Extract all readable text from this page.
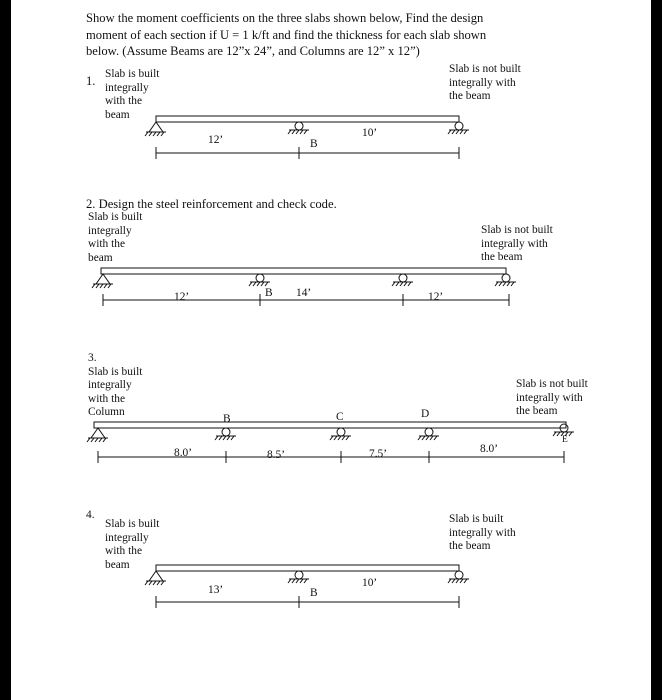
Show the moment coefficients on the three slabs shown below, Find the design
moment of each section if U = 1 k/ft and find the thickness for each slab shown
below. (Assume Beams are 12”x 24”, and Columns are 12” x 12”)
1. Slab is built
integrally
with the
beam
Slab is not built
integrally with
the beam
B
12’
10’
2. Design the steel reinforcement and check code.
Slab is built
integrally
with the
beam
Slab is not built
integrally with
the beam
B
12’	14’	12’
3.
Slab is built
integrally
with the
Column
Slab is not built
integrally with
the beam
B	C	D
E
8.0’	8.5’	7.5’	8.0’
4.
Slab is built
integrally
with the
beam
Slab is built
integrally with
the beam
B
13’
10’
